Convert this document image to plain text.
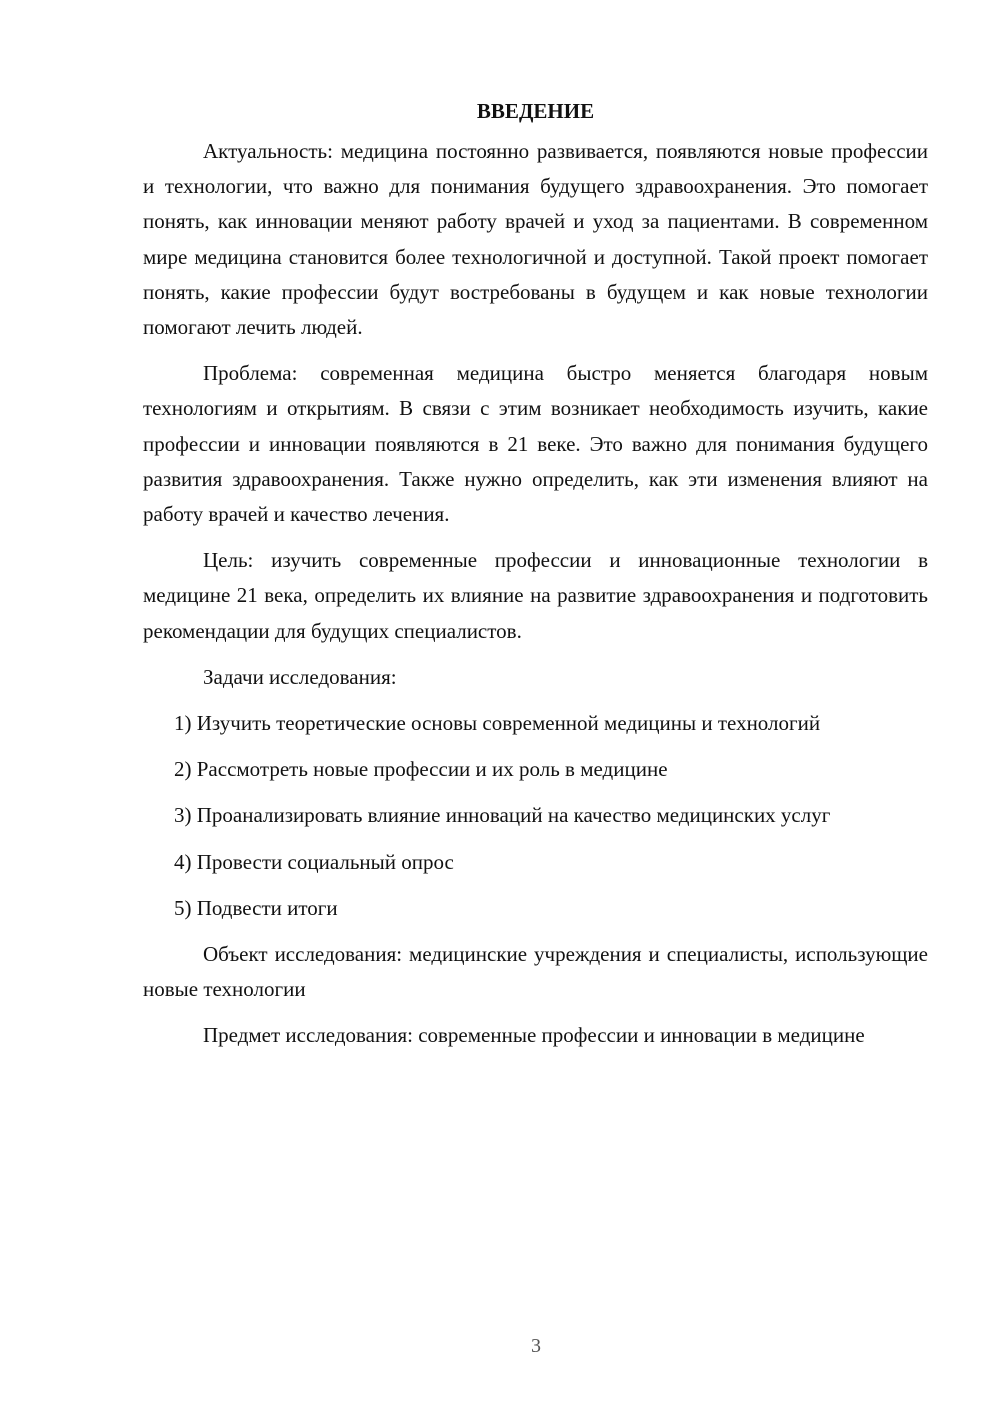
ВВЕДЕНИЕ

Актуальность: медицина постоянно развивается, появляются новые профессии и технологии, что важно для понимания будущего здравоохранения. Это помогает понять, как инновации меняют работу врачей и уход за пациентами. В современном мире медицина становится более технологичной и доступной. Такой проект помогает понять, какие профессии будут востребованы в будущем и как новые технологии помогают лечить людей.

Проблема: современная медицина быстро меняется благодаря новым технологиям и открытиям. В связи с этим возникает необходимость изучить, какие профессии и инновации появляются в 21 веке. Это важно для понимания будущего развития здравоохранения. Также нужно определить, как эти изменения влияют на работу врачей и качество лечения.

Цель: изучить современные профессии и инновационные технологии в медицине 21 века, определить их влияние на развитие здравоохранения и подготовить рекомендации для будущих специалистов.

Задачи исследования:

1) Изучить теоретические основы современной медицины и технологий

2) Рассмотреть новые профессии и их роль в медицине

3) Проанализировать влияние инноваций на качество медицинских услуг

4) Провести социальный опрос

5) Подвести итоги

Объект исследования: медицинские учреждения и специалисты, использующие новые технологии

Предмет исследования: современные профессии и инновации в медицине

3
